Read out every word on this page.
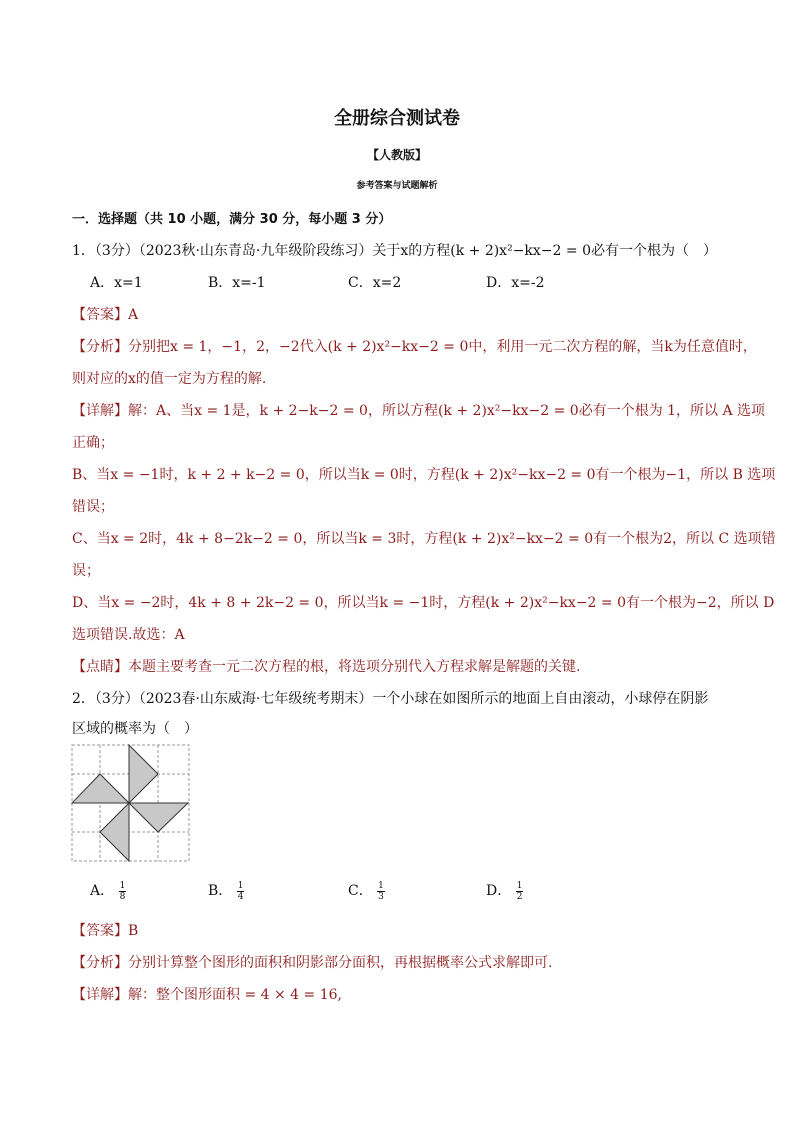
全册综合测试卷
【人教版】
参考答案与试题解析
一．选择题（共 10 小题，满分 30 分，每小题 3 分）
1．（3分）（2023秋·山东青岛·九年级阶段练习）关于x的方程(k + 2)x²−kx−2 = 0必有一个根为（　）
A．x=1	B．x=-1	C．x=2	D．x=-2
【答案】A
【分析】分别把x = 1，−1，2，−2代入(k + 2)x²−kx−2 = 0中，利用一元二次方程的解，当k为任意值时，
则对应的x的值一定为方程的解.
【详解】解：A、当x = 1是，k + 2−k−2 = 0，所以方程(k + 2)x²−kx−2 = 0必有一个根为 1，所以 A 选项
正确；
B、当x = −1时，k + 2 + k−2 = 0，所以当k = 0时，方程(k + 2)x²−kx−2 = 0有一个根为−1，所以 B 选项
错误；
C、当x = 2时，4k + 8−2k−2 = 0，所以当k = 3时，方程(k + 2)x²−kx−2 = 0有一个根为2，所以 C 选项错
误；
D、当x = −2时，4k + 8 + 2k−2 = 0，所以当k = −1时，方程(k + 2)x²−kx−2 = 0有一个根为−2，所以 D
选项错误.故选：A
【点睛】本题主要考查一元二次方程的根，将选项分别代入方程求解是解题的关键.
2．（3分）（2023春·山东威海·七年级统考期末）一个小球在如图所示的地面上自由滚动，小球停在阴影
区域的概率为（　）
A． $\frac{1}{8}$	B． $\frac{1}{4}$	C． $\frac{1}{3}$	D． $\frac{1}{2}$
【答案】B
【分析】分别计算整个图形的面积和阴影部分面积，再根据概率公式求解即可.
【详解】解：整个图形面积 = 4 × 4 = 16,
